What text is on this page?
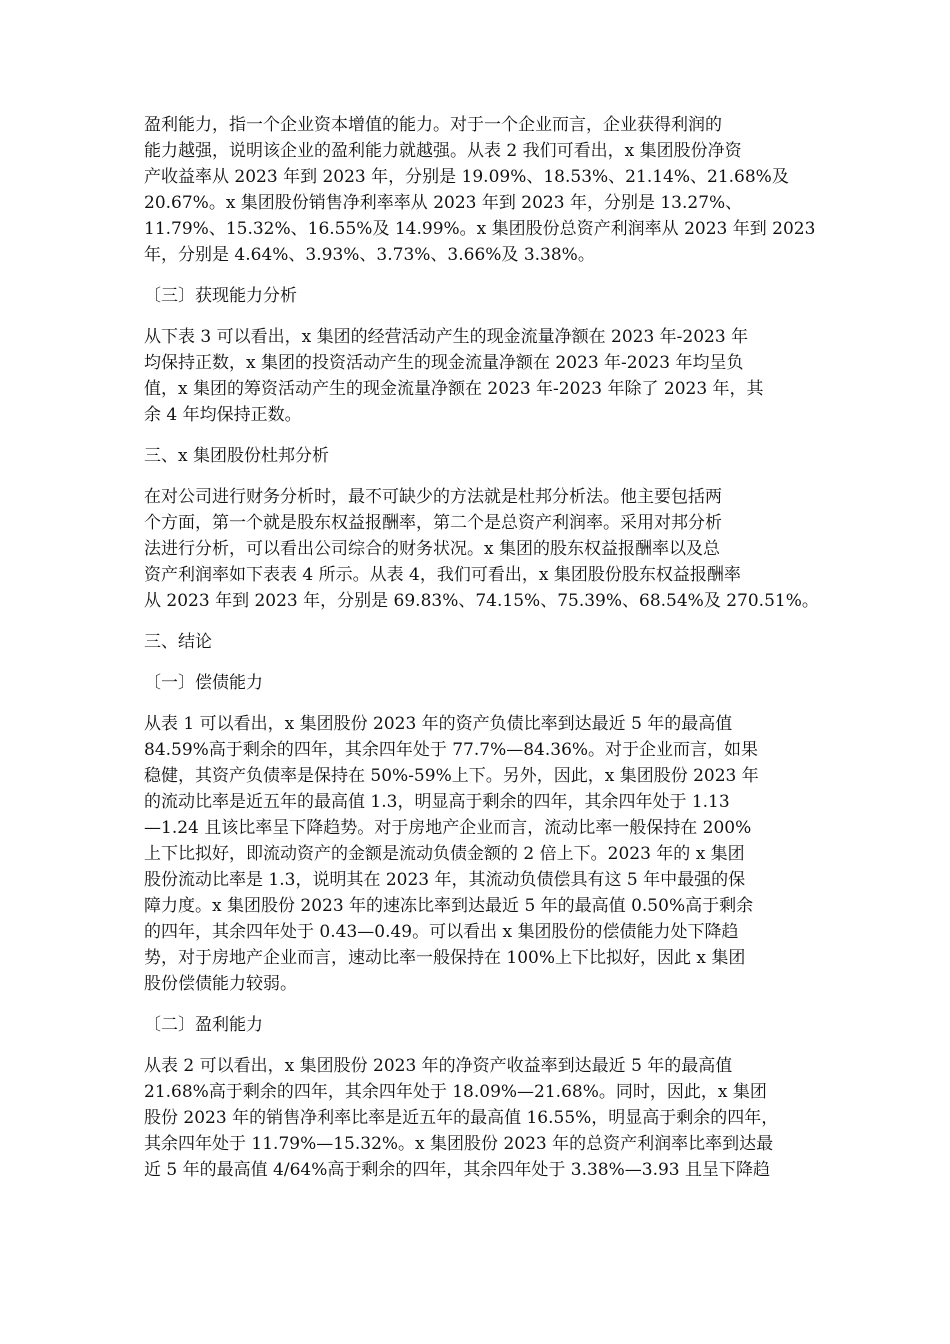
盈利能力，指一个企业资本增值的能力。对于一个企业而言，企业获得利润的
能力越强，说明该企业的盈利能力就越强。从表 2 我们可看出，x 集团股份净资
产收益率从 2023 年到 2023 年，分别是 19.09%、18.53%、21.14%、21.68%及
20.67%。x 集团股份销售净利率率从 2023 年到 2023 年，分别是 13.27%、
11.79%、15.32%、16.55%及 14.99%。x 集团股份总资产利润率从 2023 年到 2023
年，分别是 4.64%、3.93%、3.73%、3.66%及 3.38%。
〔三〕获现能力分析
从下表 3 可以看出，x 集团的经营活动产生的现金流量净额在 2023 年-2023 年
均保持正数，x 集团的投资活动产生的现金流量净额在 2023 年-2023 年均呈负
值，x 集团的筹资活动产生的现金流量净额在 2023 年-2023 年除了 2023 年，其
余 4 年均保持正数。
三、x 集团股份杜邦分析
在对公司进行财务分析时，最不可缺少的方法就是杜邦分析法。他主要包括两
个方面，第一个就是股东权益报酬率，第二个是总资产利润率。采用对邦分析
法进行分析，可以看出公司综合的财务状况。x 集团的股东权益报酬率以及总
资产利润率如下表表 4 所示。从表 4，我们可看出，x 集团股份股东权益报酬率
从 2023 年到 2023 年，分别是 69.83%、74.15%、75.39%、68.54%及 270.51%。
三、结论
〔一〕偿债能力
从表 1 可以看出，x 集团股份 2023 年的资产负债比率到达最近 5 年的最高值
84.59%高于剩余的四年，其余四年处于 77.7%—84.36%。对于企业而言，如果
稳健，其资产负债率是保持在 50%-59%上下。另外，因此，x 集团股份 2023 年
的流动比率是近五年的最高值 1.3，明显高于剩余的四年，其余四年处于 1.13
—1.24 且该比率呈下降趋势。对于房地产企业而言，流动比率一般保持在 200%
上下比拟好，即流动资产的金额是流动负债金额的 2 倍上下。2023 年的 x 集团
股份流动比率是 1.3，说明其在 2023 年，其流动负债偿具有这 5 年中最强的保
障力度。x 集团股份 2023 年的速冻比率到达最近 5 年的最高值 0.50%高于剩余
的四年，其余四年处于 0.43—0.49。可以看出 x 集团股份的偿债能力处下降趋
势，对于房地产企业而言，速动比率一般保持在 100%上下比拟好，因此 x 集团
股份偿债能力较弱。
〔二〕盈利能力
从表 2 可以看出，x 集团股份 2023 年的净资产收益率到达最近 5 年的最高值
21.68%高于剩余的四年，其余四年处于 18.09%—21.68%。同时，因此，x 集团
股份 2023 年的销售净利率比率是近五年的最高值 16.55%，明显高于剩余的四年，
其余四年处于 11.79%—15.32%。x 集团股份 2023 年的总资产利润率比率到达最
近 5 年的最高值 4/64%高于剩余的四年，其余四年处于 3.38%—3.93 且呈下降趋
